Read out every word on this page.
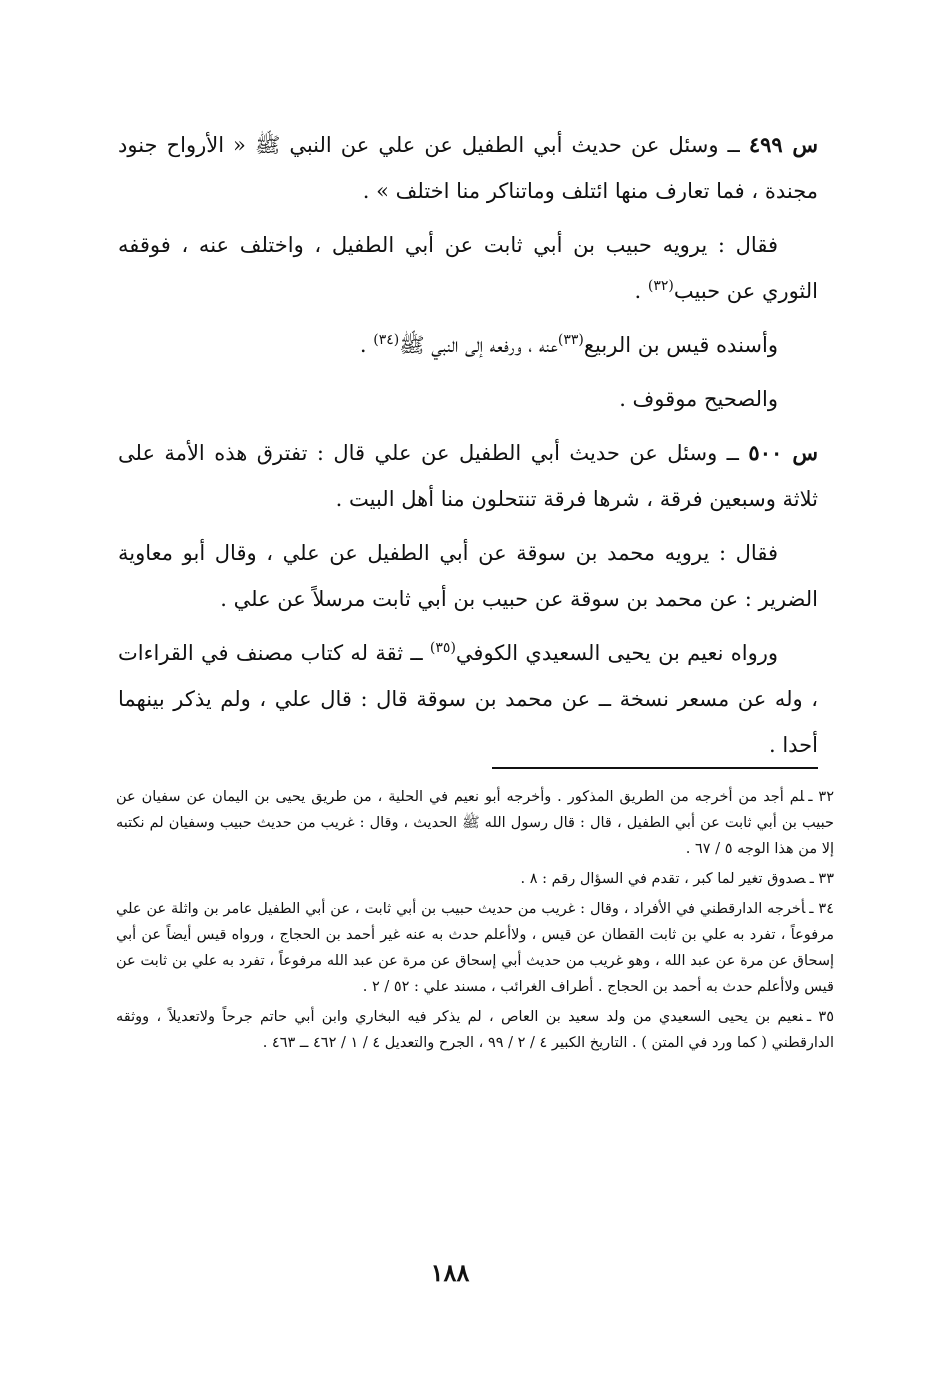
س ٤٩٩ ــ وسئل عن حديث أبي الطفيل عن علي عن النبي ﷺ « الأرواح جنود مجندة ، فما تعارف منها ائتلف وماتناكر منا اختلف » .

فقال : يرويه حبيب بن أبي ثابت عن أبي الطفيل ، واختلف عنه ، فوقفه الثوري عن حبيب$^{(٣٢)}$ .

وأسنده قيس بن الربيع$^{(٣٣)}$عنه ، ورفعه إلى النبي ﷺ$^{(٣٤)}$ .

والصحيح موقوف .

س ٥٠٠ ــ وسئل عن حديث أبي الطفيل عن علي قال : تفترق هذه الأمة على ثلاثة وسبعين فرقة ، شرها فرقة تنتحلون منا أهل البيت .

فقال : يرويه محمد بن سوقة عن أبي الطفيل عن علي ، وقال أبو معاوية الضرير : عن محمد بن سوقة عن حبيب بن أبي ثابت مرسلاً عن علي .

ورواه نعيم بن يحيى السعيدي الكوفي$^{(٣٥)}$ ــ ثقة له كتاب مصنف في القراءات ، وله عن مسعر نسخة ــ عن محمد بن سوقة قال : قال علي ، ولم يذكر بينهما أحدا .

٣٢ ـلم أجد من أخرجه من الطريق المذكور . وأخرجه أبو نعيم في الحلية ، من طريق يحيى بن اليمان عن سفيان عن حبيب بن أبي ثابت عن أبي الطفيل ، قال : قال رسول الله ﷺ الحديث ، وقال : غريب من حديث حبيب وسفيان لم نكتبه إلا من هذا الوجه ٥ / ٦٧ .

٣٣ ـصدوق تغير لما كبر ، تقدم في السؤال رقم : ٨ .

٣٤ ـأخرجه الدارقطني في الأفراد ، وقال : غريب من حديث حبيب بن أبي ثابت ، عن أبي الطفيل عامر بن واثلة عن علي مرفوعاً ، تفرد به علي بن ثابت القطان عن قيس ، ولاأعلم حدث به عنه غير أحمد بن الحجاج ، ورواه قيس أيضاً عن أبي إسحاق عن مرة عن عبد الله ، وهو غريب من حديث أبي إسحاق عن مرة عن عبد الله مرفوعاً ، تفرد به علي بن ثابت عن قيس ولاأعلم حدث به أحمد بن الحجاج . أطراف الغرائب ، مسند علي : ٥٢ / ٢ .

٣٥ ـنعيم بن يحيى السعيدي من ولد سعيد بن العاص ، لم يذكر فيه البخاري وابن أبي حاتم جرحاً ولاتعديلاً ، ووثقه الدارقطني ( كما ورد في المتن ) . التاريخ الكبير ٤ / ٢ / ٩٩ ، الجرح والتعديل ٤ / ١ / ٤٦٢ ــ ٤٦٣ .

١٨٨
